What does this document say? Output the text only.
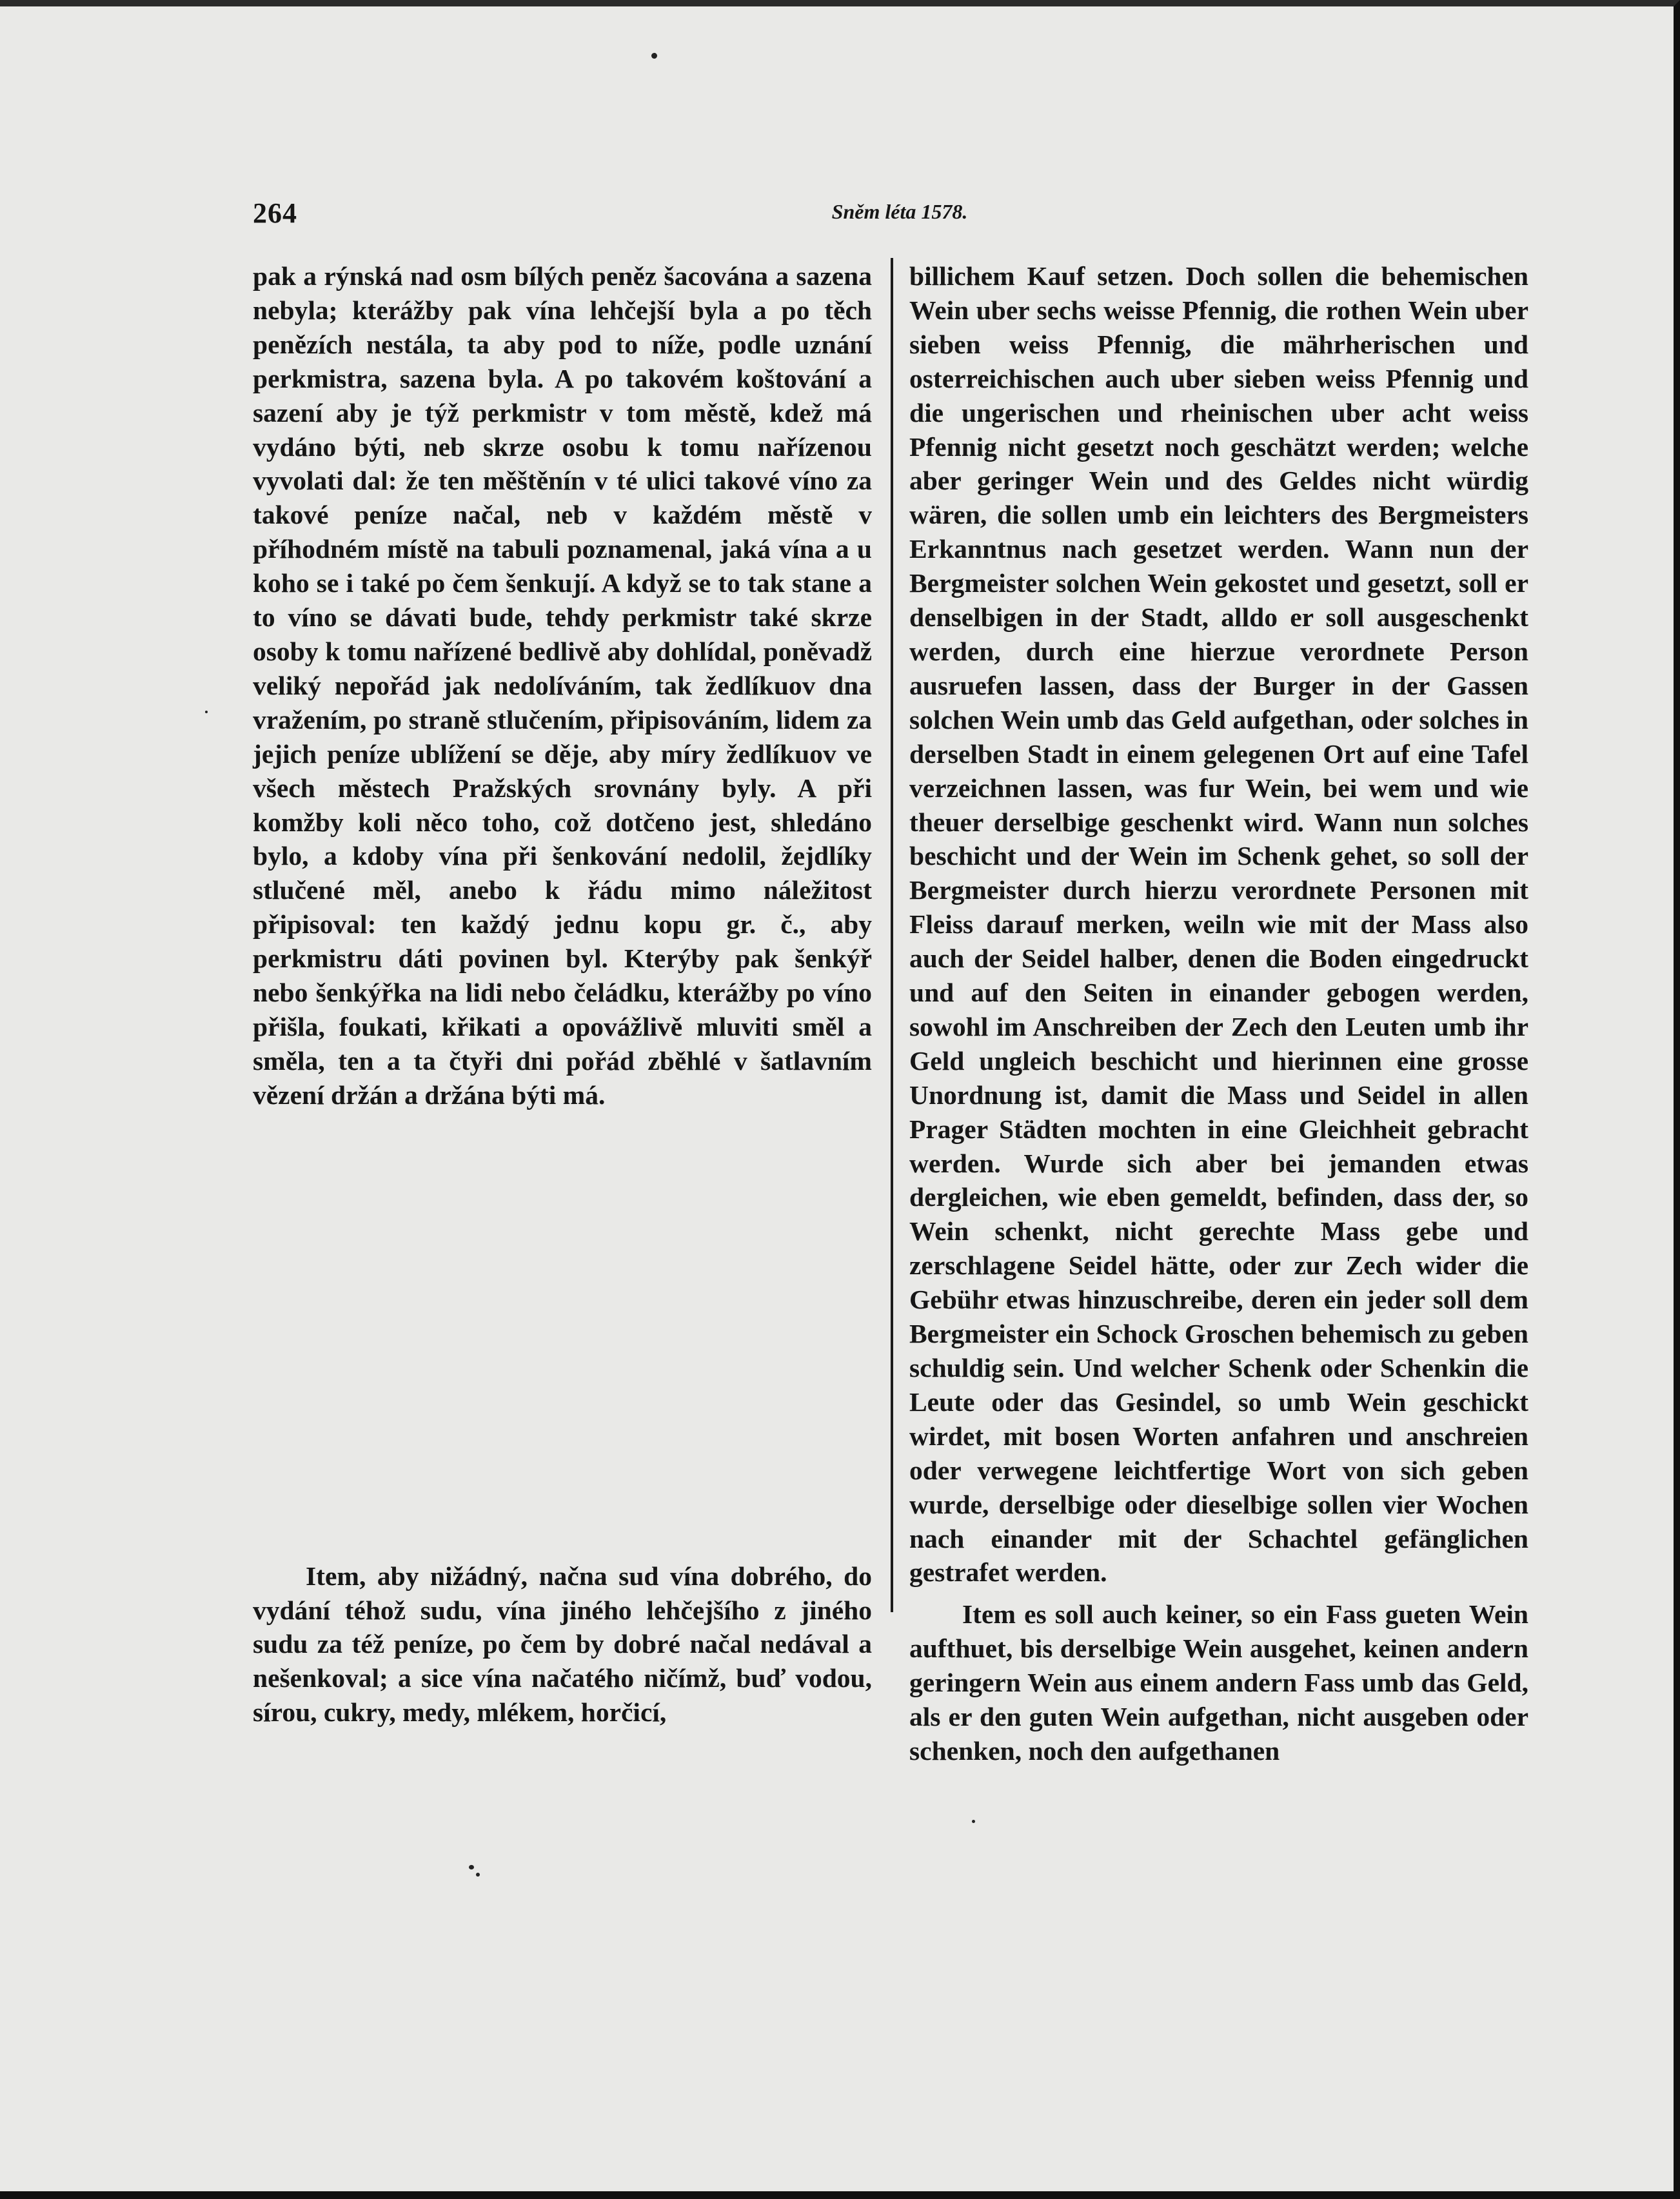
264	Sněm léta 1578.

pak a rýnská nad osm bílých peněz šacována a sazena nebyla; kterážby pak vína lehčejší byla a po těch penězích nestála, ta aby pod to níže, podle uznání perkmistra, sazena byla. A po takovém koštování a sazení aby je týž perkmistr v tom městě, kdež má vydáno býti, neb skrze osobu k tomu nařízenou vyvolati dal: že ten měštěnín v té ulici takové víno za takové peníze načal, neb v každém městě v příhodném místě na tabuli poznamenal, jaká vína a u koho se i také po čem šenkují. A když se to tak stane a to víno se dávati bude, tehdy perkmistr také skrze osoby k tomu nařízené bedlivě aby dohlídal, poněvadž veliký nepořád jak nedolíváním, tak žedlíkuov dna vražením, po straně stlučením, připisováním, lidem za jejich peníze ublížení se děje, aby míry žedlíkuov ve všech městech Pražských srovnány byly. A při komžby koli něco toho, což dotčeno jest, shledáno bylo, a kdoby vína při šenkování nedolil, žejdlíky stlučené měl, anebo k řádu mimo náležitost připisoval: ten každý jednu kopu gr. č., aby perkmistru dáti povinen byl. Kterýby pak šenkýř nebo šenkýřka na lidi nebo čeládku, kterážby po víno přišla, foukati, křikati a opovážlivě mluviti směl a směla, ten a ta čtyři dni pořád zběhlé v šatlavním vězení držán a držána býti má.

Item, aby nižádný, načna sud vína dobrého, do vydání téhož sudu, vína jiného lehčejšího z jiného sudu za též peníze, po čem by dobré načal nedával a nešenkoval; a sice vína načatého ničímž, buď vodou, sírou, cukry, medy, mlékem, horčicí,

billichem Kauf setzen. Doch sollen die behemischen Wein uber sechs weisse Pfennig, die rothen Wein uber sieben weiss Pfennig, die mährherischen und osterreichischen auch uber sieben weiss Pfennig und die ungerischen und rheinischen uber acht weiss Pfennig nicht gesetzt noch geschätzt werden; welche aber geringer Wein und des Geldes nicht würdig wären, die sollen umb ein leichters des Bergmeisters Erkanntnus nach gesetzet werden. Wann nun der Bergmeister solchen Wein gekostet und gesetzt, soll er denselbigen in der Stadt, alldo er soll ausgeschenkt werden, durch eine hierzue verordnete Person ausruefen lassen, dass der Burger in der Gassen solchen Wein umb das Geld aufgethan, oder solches in derselben Stadt in einem gelegenen Ort auf eine Tafel verzeichnen lassen, was fur Wein, bei wem und wie theuer derselbige geschenkt wird. Wann nun solches beschicht und der Wein im Schenk gehet, so soll der Bergmeister durch hierzu verordnete Personen mit Fleiss darauf merken, weiln wie mit der Mass also auch der Seidel halber, denen die Boden eingedruckt und auf den Seiten in einander gebogen werden, sowohl im Anschreiben der Zech den Leuten umb ihr Geld ungleich beschicht und hierinnen eine grosse Unordnung ist, damit die Mass und Seidel in allen Prager Städten mochten in eine Gleichheit gebracht werden. Wurde sich aber bei jemanden etwas dergleichen, wie eben gemeldt, befinden, dass der, so Wein schenkt, nicht gerechte Mass gebe und zerschlagene Seidel hätte, oder zur Zech wider die Gebühr etwas hinzuschreibe, deren ein jeder soll dem Bergmeister ein Schock Groschen behemisch zu geben schuldig sein. Und welcher Schenk oder Schenkin die Leute oder das Gesindel, so umb Wein geschickt wirdet, mit bosen Worten anfahren und anschreien oder verwegene leichtfertige Wort von sich geben wurde, derselbige oder dieselbige sollen vier Wochen nach einander mit der Schachtel gefänglichen gestrafet werden.

Item es soll auch keiner, so ein Fass gueten Wein aufthuet, bis derselbige Wein ausgehet, keinen andern geringern Wein aus einem andern Fass umb das Geld, als er den guten Wein aufgethan, nicht ausgeben oder schenken, noch den aufgethanen
